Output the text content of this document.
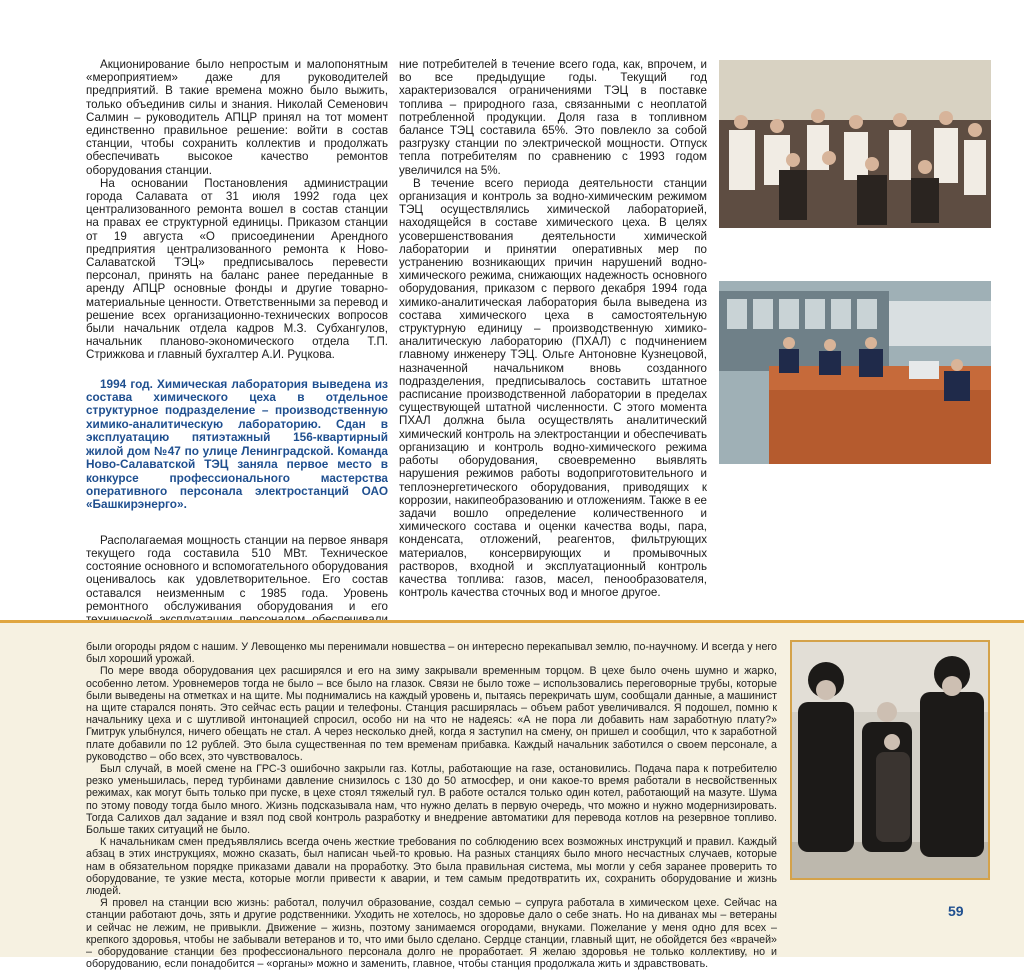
Акционирование было непростым и малопонятным «мероприятием» даже для руководителей предприятий. В такие времена можно было выжить, только объединив силы и знания. Николай Семенович Салмин – руководитель АПЦР принял на тот момент единственно правильное решение: войти в состав станции, чтобы сохранить коллектив и продолжать обеспечивать высокое качество ремонтов оборудования станции.

На основании Постановления администрации города Салавата от 31 июля 1992 года цех централизованного ремонта вошел в состав станции на правах ее структурной единицы. Приказом станции от 19 августа «О присоединении Арендного предприятия централизованного ремонта к Ново-Салаватской ТЭЦ» предписывалось перевести персонал, принять на баланс ранее переданные в аренду АПЦР основные фонды и другие товарно-материальные ценности. Ответственными за перевод и решение всех организационно-технических вопросов были начальник отдела кадров М.З. Субхангулов, начальник планово-экономического отдела Т.П. Стрижкова и главный бухгалтер А.И. Руцкова.

1994 год. Химическая лаборатория выведена из состава химического цеха в отдельное структурное подразделение – производственную химико-аналитическую лабораторию. Сдан в эксплуатацию пятиэтажный 156-квартирный жилой дом №47 по улице Ленинградской. Команда Ново-Салаватской ТЭЦ заняла первое место в конкурсе профессионального мастерства оперативного персонала электростанций ОАО «Башкирэнерго».

Располагаемая мощность станции на первое января текущего года составила 510 МВт. Техническое состояние основного и вспомогательного оборудования оценивалось как удовлетворительное. Его состав оставался неизменным с 1985 года. Уровень ремонтного обслуживания оборудования и его

ние потребителей в течение всего года, как, впрочем, и во все предыдущие годы. Текущий год характеризовался ограничениями ТЭЦ в поставке топлива – природного газа, связанными с неоплатой потребленной продукции. Доля газа в топливном балансе ТЭЦ составила 65%. Это повлекло за собой разгрузку станции по электрической мощности. Отпуск тепла потребителям по сравнению с 1993 годом увеличился на 5%.

В течение всего периода деятельности станции организация и контроль за водно-химическим режимом ТЭЦ осуществлялись химической лабораторией, находящейся в составе химического цеха. В целях усовершенствования деятельности химической лаборатории и принятии оперативных мер по устранению возникающих причин нарушений водно-химического режима, снижающих надежность основного оборудования, приказом с первого декабря 1994 года химико-аналитическая лаборатория была выведена из состава химического цеха в самостоятельную структурную единицу – производственную химико-аналитическую лабораторию (ПХАЛ) с подчинением главному инженеру ТЭЦ. Ольге Антоновне Кузнецовой, назначенной начальником вновь созданного подразделения, предписывалось составить штатное расписание производственной лаборатории в пределах существующей штатной численности. С этого момента ПХАЛ должна была осуществлять аналитический химический контроль на электростанции и обеспечивать организацию и контроль водно-химического режима работы оборудования, своевременно выявлять нарушения режимов работы водоприготовительного и теплоэнергетического оборудования, приводящих к коррозии, накипеобразованию и отложениям. Также в ее задачи вошло определение количественного и химического состава и оценки качества воды, пара, конденсата, отложений, реагентов, фильтрующих материалов, консервирующих и промывочных растворов, входной и эксплуатационный контроль качества топлива: газов, масел, пенообразователя, контроль качества сточных вод и многое другое.

были огороды рядом с нашим. У Левощенко мы перенимали новшества – он интересно перекапывал землю, по-научному. И всегда у него был хороший урожай.

По мере ввода оборудования цех расширялся и его на зиму закрывали временным торцом. В цехе было очень шумно и жарко, особенно летом. Уровнемеров тогда не было – все было на глазок. Связи не было тоже – использовались переговорные трубы, которые были выведены на отметках и на щите. Мы поднимались на каждый уровень и, пытаясь перекричать шум, сообщали данные, а машинист на щите старался понять. Это сейчас есть рации и телефоны. Станция расширялась – объем работ увеличивался. Я подошел, помню к начальнику цеха и с шутливой интонацией спросил, особо ни на что не надеясь: «А не пора ли добавить нам заработную плату?» Гмитрук улыбнулся, ничего обещать не стал. А через несколько дней, когда я заступил на смену, он пришел и сообщил, что к заработной плате добавили по 12 рублей. Это была существенная по тем временам прибавка. Каждый начальник заботился о своем персонале, а руководство – обо всех, это чувствовалось.

Был случай, в моей смене на ГРС-3 ошибочно закрыли газ. Котлы, работающие на газе, остановились. Подача пара к потребителю резко уменьшилась, перед турбинами давление снизилось с 130 до 50 атмосфер, и они какое-то время работали в несвойственных режимах, как могут быть только при пуске, в цехе стоял тяжелый гул. В работе остался только один котел, работающий на мазуте. Шума по этому поводу тогда было много. Жизнь подсказывала нам, что нужно делать в первую очередь, что можно и нужно модернизировать. Тогда Салихов дал задание и взял под свой контроль разработку и внедрение автоматики для перевода котлов на резервное топливо. Больше таких ситуаций не было.

К начальникам смен предъявлялись всегда очень жесткие требования по соблюдению всех возможных инструкций и правил. Каждый абзац в этих инструкциях, можно сказать, был написан чьей-то кровью. На разных станциях было много несчастных случаев, которые нам в обязательном порядке приказами давали на проработку. Это была правильная система, мы могли у себя заранее проверить то оборудование, те узкие места, которые могли привести к аварии, и тем самым предотвратить их, сохранить оборудование и жизнь людей.

Я провел на станции всю жизнь: работал, получил образование, создал семью – супруга работала в химическом цехе. Сейчас на станции работают дочь, зять и другие родственники. Уходить не хотелось, но здоровье дало о себе знать. Но на диванах мы – ветераны и сейчас не лежим, не привыкли. Движение – жизнь, поэтому занимаемся огородами, внуками. Пожелание у меня одно для всех – крепкого здоровья, чтобы не забывали ветеранов и то, что ими было сделано. Сердце станции, главный щит, не обойдется без «врачей» – оборудование станции без профессионального персонала долго не проработает. Я желаю здоровья не только коллективу, но и оборудованию, если понадобится – «органы» можно и заменить, главное, чтобы станция продолжала жить и здравствовать.

59
